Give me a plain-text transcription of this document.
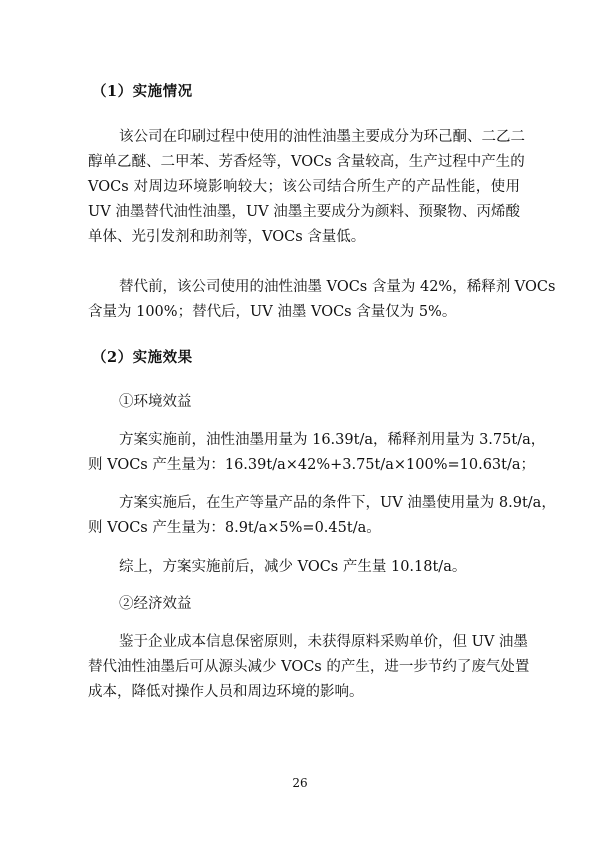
（1）实施情况

该公司在印刷过程中使用的油性油墨主要成分为环己酮、二乙二
醇单乙醚、二甲苯、芳香烃等，VOCs 含量较高，生产过程中产生的
VOCs 对周边环境影响较大；该公司结合所生产的产品性能，使用
UV 油墨替代油性油墨，UV 油墨主要成分为颜料、预聚物、丙烯酸
单体、光引发剂和助剂等，VOCs 含量低。

替代前，该公司使用的油性油墨 VOCs 含量为 42%，稀释剂 VOCs
含量为 100%；替代后，UV 油墨 VOCs 含量仅为 5%。

（2）实施效果

①环境效益

方案实施前，油性油墨用量为 16.39t/a，稀释剂用量为 3.75t/a，
则 VOCs 产生量为：16.39t/a×42%+3.75t/a×100%=10.63t/a；

方案实施后，在生产等量产品的条件下，UV 油墨使用量为 8.9t/a，
则 VOCs 产生量为：8.9t/a×5%=0.45t/a。

综上，方案实施前后，减少 VOCs 产生量 10.18t/a。

②经济效益

鉴于企业成本信息保密原则，未获得原料采购单价，但 UV 油墨
替代油性油墨后可从源头减少 VOCs 的产生，进一步节约了废气处置
成本，降低对操作人员和周边环境的影响。

26
